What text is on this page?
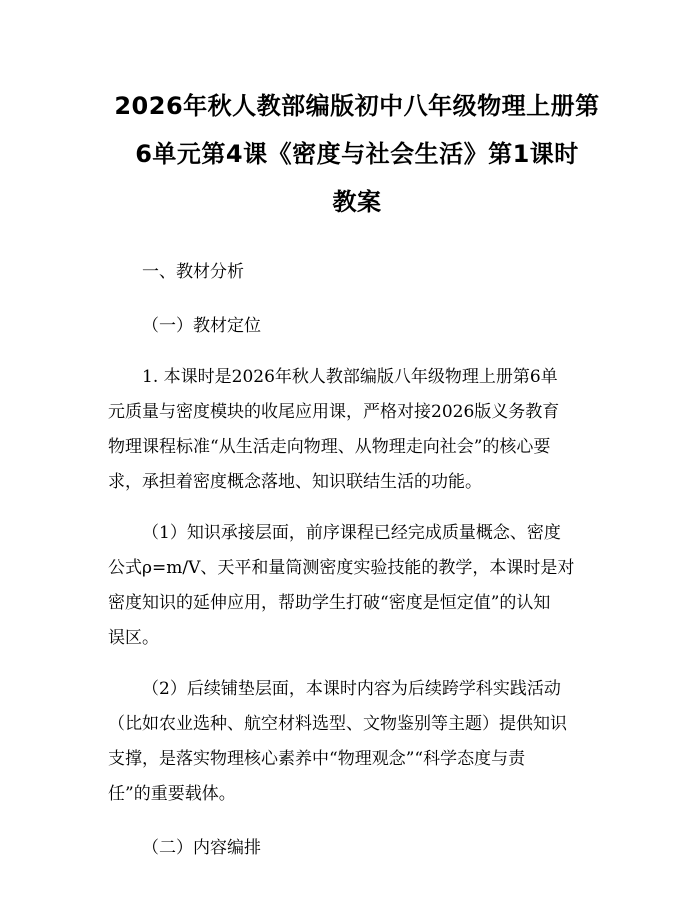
2026年秋人教部编版初中八年级物理上册第
6单元第4课《密度与社会生活》第1课时
教案

一、教材分析

（一）教材定位

1. 本课时是2026年秋人教部编版八年级物理上册第6单
元质量与密度模块的收尾应用课，严格对接2026版义务教育
物理课程标准“从生活走向物理、从物理走向社会”的核心要
求，承担着密度概念落地、知识联结生活的功能。

（1）知识承接层面，前序课程已经完成质量概念、密度
公式ρ=m/V、天平和量筒测密度实验技能的教学，本课时是对
密度知识的延伸应用，帮助学生打破“密度是恒定值”的认知
误区。

（2）后续铺垫层面，本课时内容为后续跨学科实践活动
（比如农业选种、航空材料选型、文物鉴别等主题）提供知识
支撑，是落实物理核心素养中“物理观念”“科学态度与责
任”的重要载体。

（二）内容编排
